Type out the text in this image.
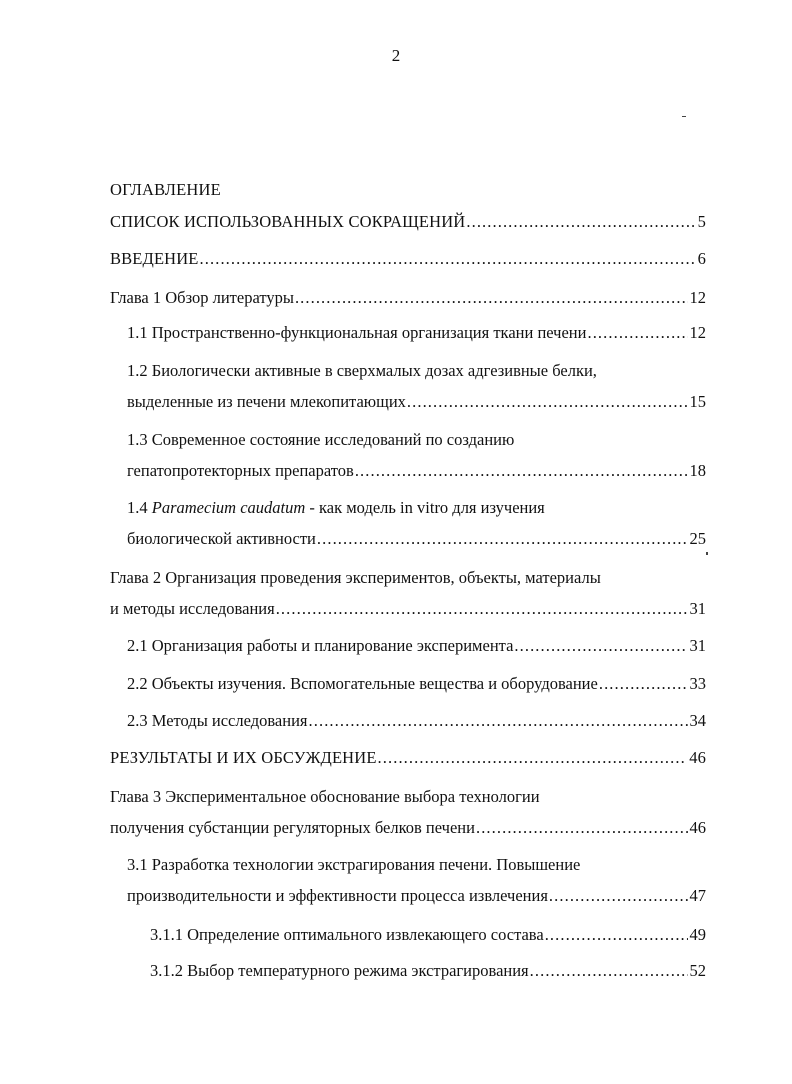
2
ОГЛАВЛЕНИЕ
СПИСОК ИСПОЛЬЗОВАННЫХ СОКРАЩЕНИЙ .....	5
ВВЕДЕНИЕ .....	6
Глава 1 Обзор литературы .....	12
1.1 Пространственно-функциональная организация ткани печени .....	12
1.2 Биологически активные в сверхмалых дозах адгезивные белки,
выделенные из печени млекопитающих .....	15
1.3 Современное состояние исследований по созданию
гепатопротекторных препаратов .....	18
1.4 Paramecium caudatum - как модель in vitro для изучения
биологической активности .....	25
Глава 2 Организация проведения экспериментов, объекты, материалы
и методы исследования .....	31
2.1 Организация работы и планирование эксперимента .....	31
2.2 Объекты изучения. Вспомогательные вещества и оборудование .....	33
2.3 Методы исследования .....	34
РЕЗУЛЬТАТЫ И ИХ ОБСУЖДЕНИЕ .....	46
Глава 3 Экспериментальное обоснование выбора технологии
получения субстанции регуляторных белков печени .....	46
3.1 Разработка технологии экстрагирования печени. Повышение
производительности и эффективности процесса извлечения .....	47
3.1.1 Определение оптимального извлекающего состава .....	49
3.1.2 Выбор температурного режима экстрагирования .....	52
